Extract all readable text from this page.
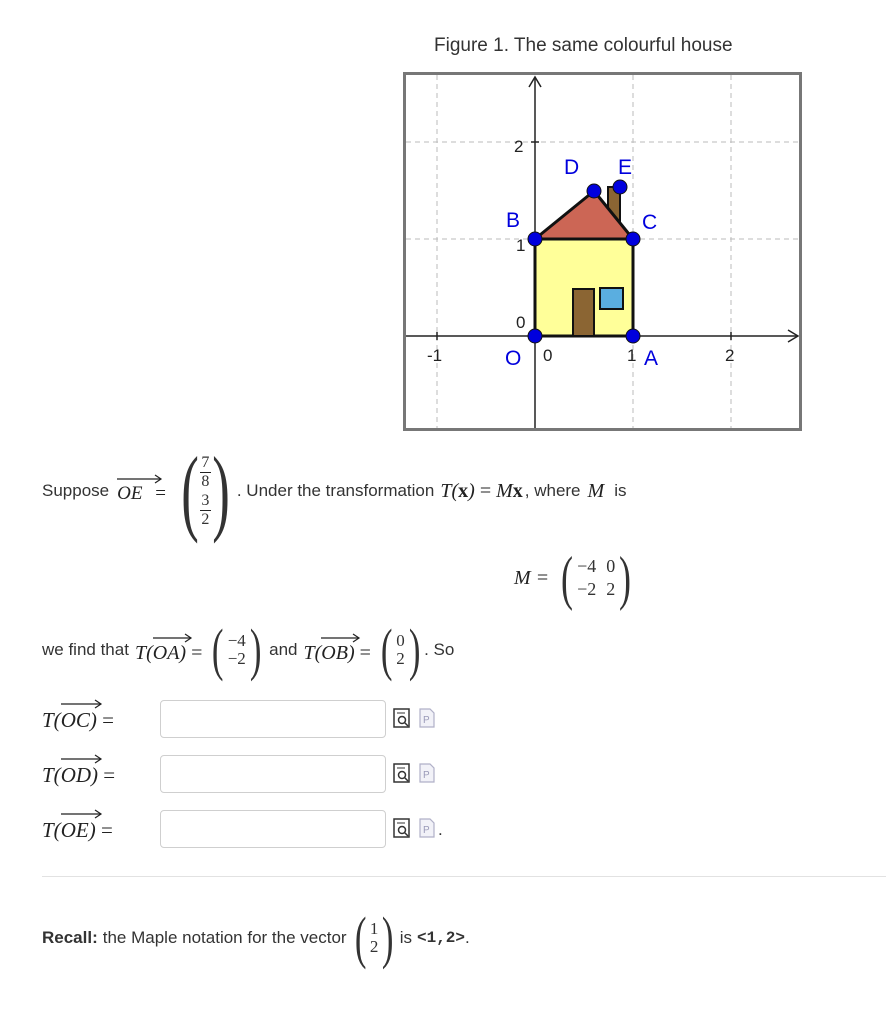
Figure 1. The same colourful house
-1	0	1	2
0
1
2
O	A
B	C
D E
Suppose OE = ( $\frac{7}{8}$
$\frac{3}{2}$ ) . Under the transformation T(x) = Mx , where M is
M = ( −4 0
−2 2 )
we find that T(
OA) = ( −4
−2 ) and T(
OB) = ( 0
2 ) . So
T(
OC) =
T(
OD) =
T(
OE) =
P
P
P .
Recall: the Maple notation for the vector ( 1
2 ) is <1,2> .
